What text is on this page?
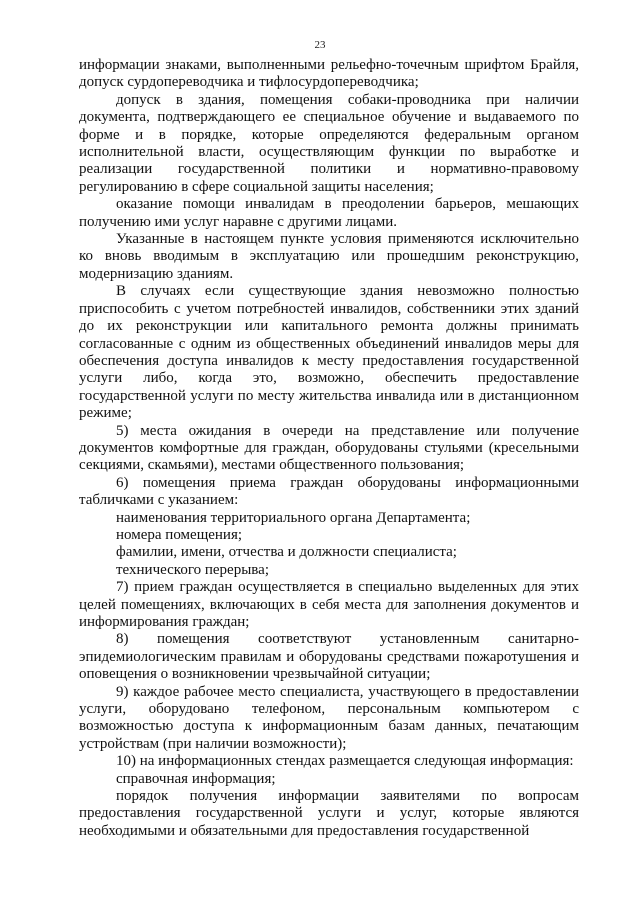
23

информации знаками, выполненными рельефно-точечным шрифтом Брайля, допуск сурдопереводчика и тифлосурдопереводчика;

допуск в здания, помещения собаки-проводника при наличии документа, подтверждающего ее специальное обучение и выдаваемого по форме и в порядке, которые определяются федеральным органом исполнительной власти, осуществляющим функции по выработке и реализации государственной политики и нормативно-правовому регулированию в сфере социальной защиты населения;

оказание помощи инвалидам в преодолении барьеров, мешающих получению ими услуг наравне с другими лицами.

Указанные в настоящем пункте условия применяются исключительно ко вновь вводимым в эксплуатацию или прошедшим реконструкцию, модернизацию зданиям.

В случаях если существующие здания невозможно полностью приспособить с учетом потребностей инвалидов, собственники этих зданий до их реконструкции или капитального ремонта должны принимать согласованные с одним из общественных объединений инвалидов меры для обеспечения доступа инвалидов к месту предоставления государственной услуги либо, когда это, возможно, обеспечить предоставление государственной услуги по месту жительства инвалида или в дистанционном режиме;

5) места ожидания в очереди на представление или получение документов комфортные для граждан, оборудованы стульями (кресельными секциями, скамьями), местами общественного пользования;

6) помещения приема граждан оборудованы информационными табличками с указанием:

наименования территориального органа Департамента;

номера помещения;

фамилии, имени, отчества и должности специалиста;

технического перерыва;

7) прием граждан осуществляется в специально выделенных для этих целей помещениях, включающих в себя места для заполнения документов и информирования граждан;

8) помещения соответствуют установленным санитарно-эпидемиологическим правилам и оборудованы средствами пожаротушения и оповещения о возникновении чрезвычайной ситуации;

9) каждое рабочее место специалиста, участвующего в предоставлении услуги, оборудовано телефоном, персональным компьютером с возможностью доступа к информационным базам данных, печатающим устройствам (при наличии возможности);

10) на информационных стендах размещается следующая информация:

справочная информация;

порядок получения информации заявителями по вопросам предоставления государственной услуги и услуг, которые являются необходимыми и обязательными для предоставления государственной
